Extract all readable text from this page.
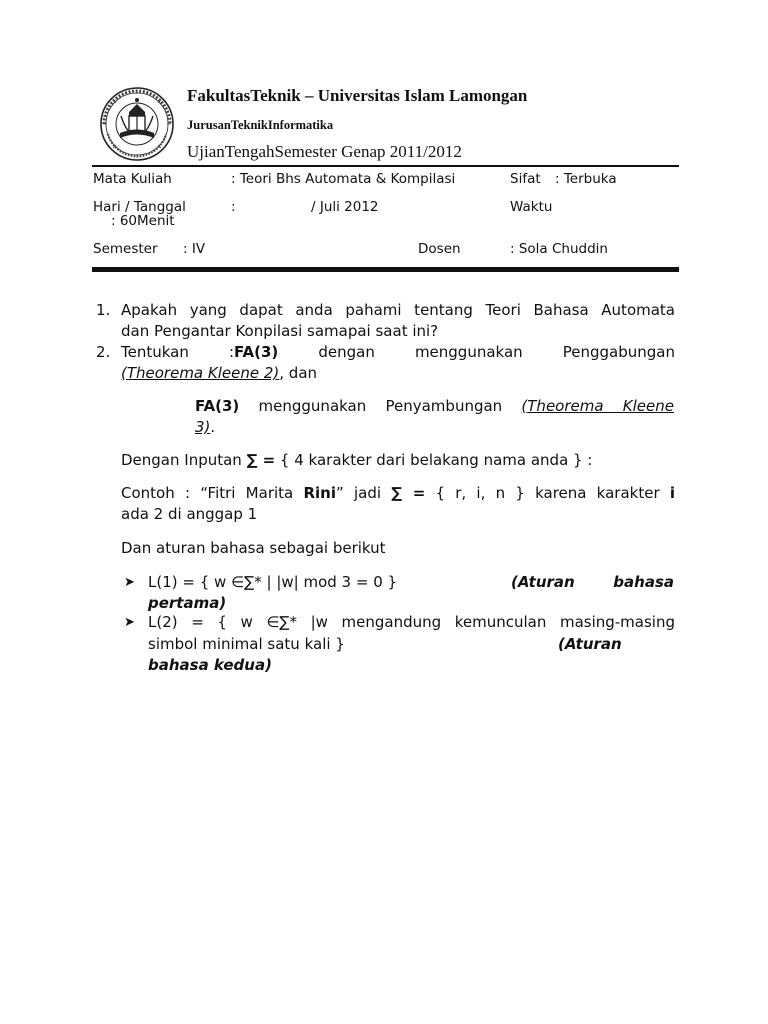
FakultasTeknik – Universitas Islam Lamongan
JurusanTeknikInformatika
UjianTengahSemester Genap 2011/2012
Mata Kuliah	: Teori Bhs Automata & Kompilasi	Sifat : Terbuka
Hari / Tanggal	:	/ Juli 2012	Waktu
: 60Menit
Semester : IV	Dosen	: Sola Chuddin
1. Apakah yang dapat anda pahami tentang Teori Bahasa Automata
dan Pengantar Konpilasi samapai saat ini?
2. Tentukan	:FA(3)	dengan	menggunakan	Penggabungan
(Theorema Kleene 2), dan
FA(3) menggunakan Penyambungan (Theorema Kleene
3).
Dengan Inputan ∑ = { 4 karakter dari belakang nama anda } :
Contoh : “Fitri Marita Rini” jadi ∑ = { r, i, n } karena karakter i
ada 2 di anggap 1
Dan aturan bahasa sebagai berikut
➤ L(1) = { w ∈∑* | |w| mod 3 = 0 }	(Aturan	bahasa
pertama)
➤ L(2) = { w ∈∑* |w mengandung kemunculan masing-masing
simbol minimal satu kali }	(Aturan
bahasa kedua)
